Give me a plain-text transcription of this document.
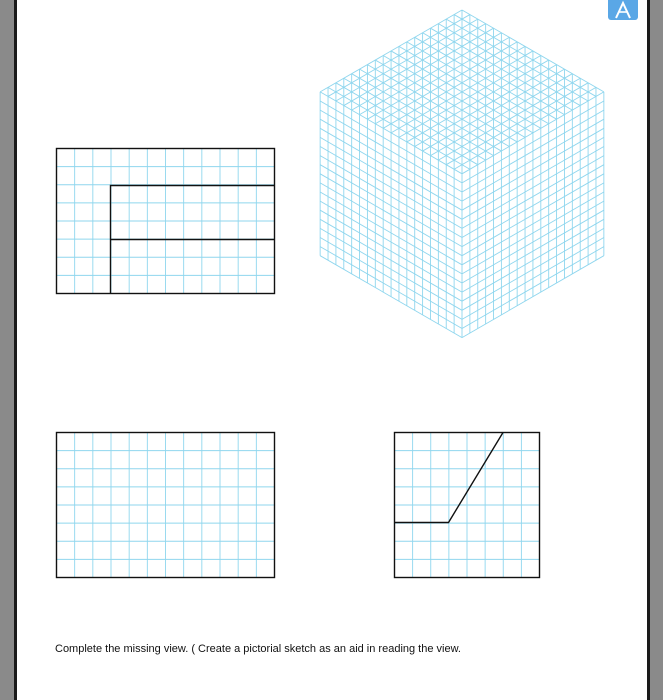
Complete the missing view. ( Create a pictorial sketch as an aid in reading the view.
